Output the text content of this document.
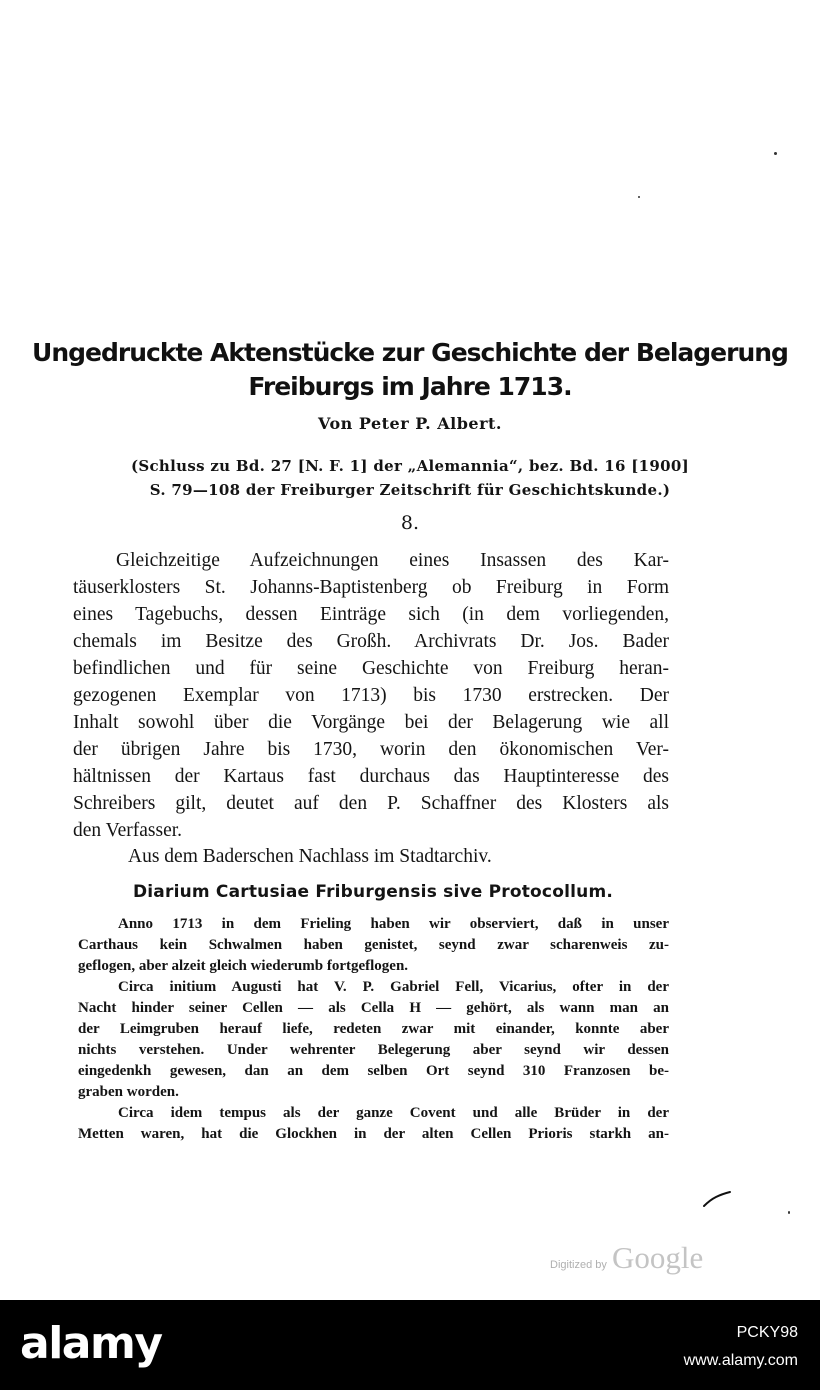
Ungedruckte Aktenstücke zur Geschichte der Belagerung
Freiburgs im Jahre 1713.
Von Peter P. Albert.
(Schluss zu Bd. 27 [N. F. 1] der „Alemannia“, bez. Bd. 16 [1900]
S. 79—108 der Freiburger Zeitschrift für Geschichtskunde.)
8.
Gleichzeitige Aufzeichnungen eines Insassen des Kar-
täuserklosters St. Johanns-Baptistenberg ob Freiburg in Form
eines Tagebuchs, dessen Einträge sich (in dem vorliegenden,
chemals im Besitze des Großh. Archivrats Dr. Jos. Bader
befindlichen und für seine Geschichte von Freiburg heran-
gezogenen Exemplar von 1713) bis 1730 erstrecken. Der
Inhalt sowohl über die Vorgänge bei der Belagerung wie all
der übrigen Jahre bis 1730, worin den ökonomischen Ver-
hältnissen der Kartaus fast durchaus das Hauptinteresse des
Schreibers gilt, deutet auf den P. Schaffner des Klosters als
den Verfasser.
Aus dem Baderschen Nachlass im Stadtarchiv.
Diarium Cartusiae Friburgensis sive Protocollum.
Anno 1713 in dem Frieling haben wir observiert, daß in unser
Carthaus kein Schwalmen haben genistet, seynd zwar scharenweis zu-
geflogen, aber alzeit gleich wiederumb fortgeflogen.
Circa initium Augusti hat V. P. Gabriel Fell, Vicarius, ofter in der
Nacht hinder seiner Cellen — als Cella H — gehört, als wann man an
der Leimgruben herauf liefe, redeten zwar mit einander, konnte aber
nichts verstehen. Under wehrenter Belegerung aber seynd wir dessen
eingedenkh gewesen, dan an dem selben Ort seynd 310 Franzosen be-
graben worden.
Circa idem tempus als der ganze Covent und alle Brüder in der
Metten waren, hat die Glockhen in der alten Cellen Prioris starkh an-
Digitized by Google
alamy	PCKY98
www.alamy.com
